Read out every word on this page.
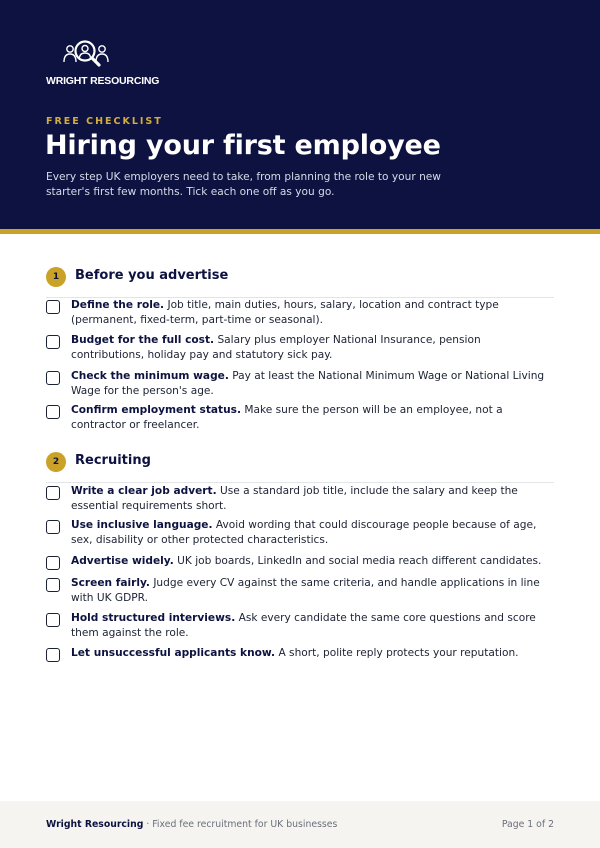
WRIGHT RESOURCING
FREE CHECKLIST
Hiring your first employee
Every step UK employers need to take, from planning the role to your new starter's first few months. Tick each one off as you go.
1	Before you advertise
Define the role. Job title, main duties, hours, salary, location and contract type (permanent, fixed-term, part-time or seasonal).
Budget for the full cost. Salary plus employer National Insurance, pension contributions, holiday pay and statutory sick pay.
Check the minimum wage. Pay at least the National Minimum Wage or National Living Wage for the person's age.
Confirm employment status. Make sure the person will be an employee, not a contractor or freelancer.
2	Recruiting
Write a clear job advert. Use a standard job title, include the salary and keep the essential requirements short.
Use inclusive language. Avoid wording that could discourage people because of age, sex, disability or other protected characteristics.
Advertise widely. UK job boards, LinkedIn and social media reach different candidates.
Screen fairly. Judge every CV against the same criteria, and handle applications in line with UK GDPR.
Hold structured interviews. Ask every candidate the same core questions and score them against the role.
Let unsuccessful applicants know. A short, polite reply protects your reputation.
Wright Resourcing · Fixed fee recruitment for UK businesses	Page 1 of 2
